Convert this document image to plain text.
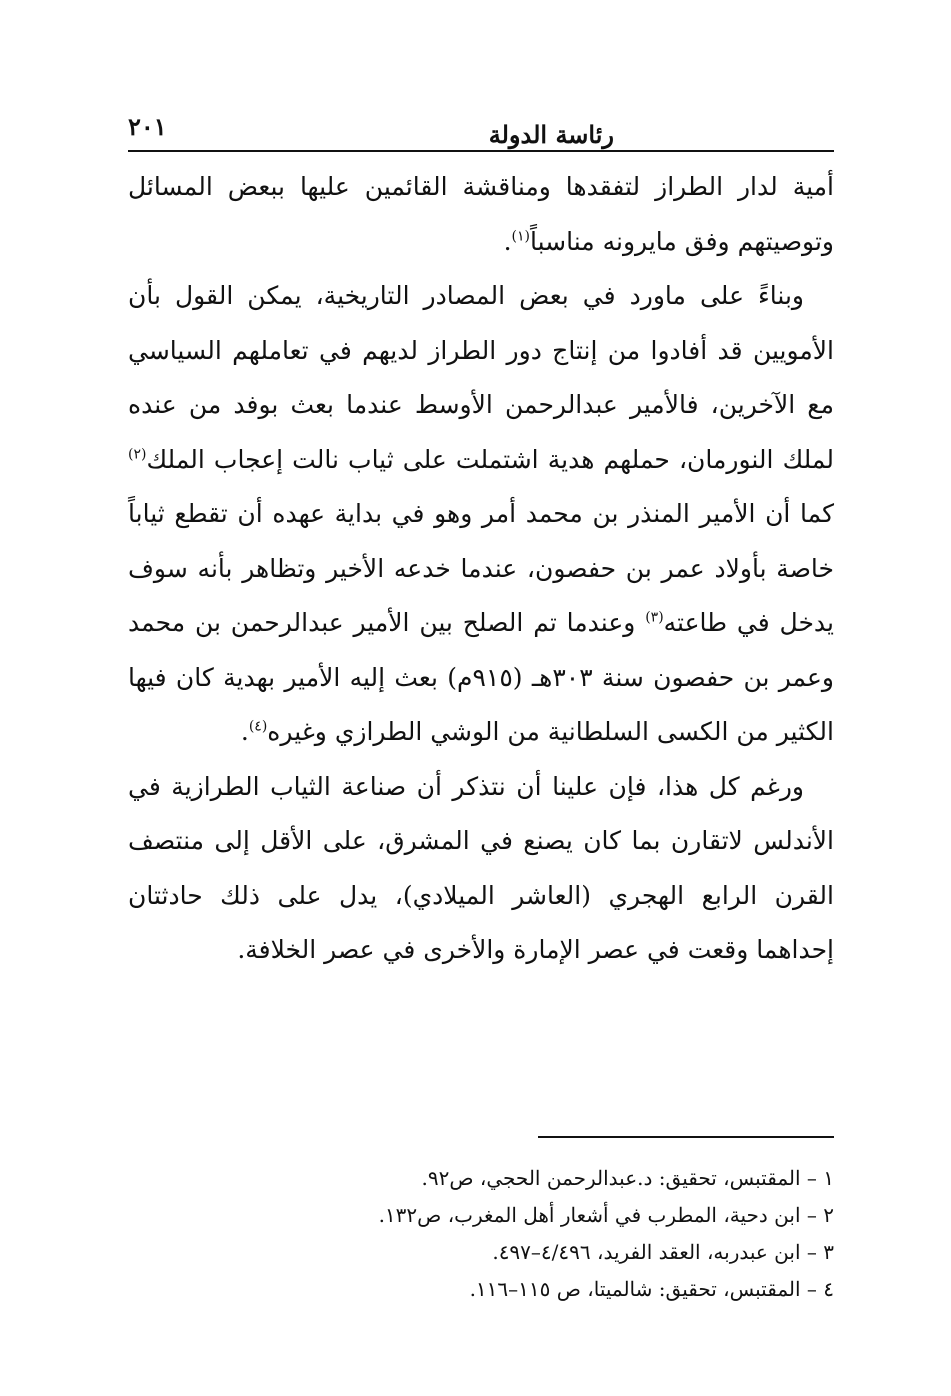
رئاسة الدولة
٢٠١

أمية لدار الطراز لتفقدها ومناقشة القائمين عليها ببعض المسائل وتوصيتهم وفق مايرونه مناسباً$^{(١)}$.

وبناءً على ماورد في بعض المصادر التاريخية، يمكن القول بأن الأمويين قد أفادوا من إنتاج دور الطراز لديهم في تعاملهم السياسي مع الآخرين، فالأمير عبدالرحمن الأوسط عندما بعث بوفد من عنده لملك النورمان، حملهم هدية اشتملت على ثياب نالت إعجاب الملك$^{(٢)}$ كما أن الأمير المنذر بن محمد أمر وهو في بداية عهده أن تقطع ثياباً خاصة بأولاد عمر بن حفصون، عندما خدعه الأخير وتظاهر بأنه سوف يدخل في طاعته$^{(٣)}$ وعندما تم الصلح بين الأمير عبدالرحمن بن محمد وعمر بن حفصون سنة ٣٠٣هـ (٩١٥م) بعث إليه الأمير بهدية كان فيها الكثير من الكسى السلطانية من الوشي الطرازي وغيره$^{(٤)}$.

ورغم كل هذا، فإن علينا أن نتذكر أن صناعة الثياب الطرازية في الأندلس لاتقارن بما كان يصنع في المشرق، على الأقل إلى منتصف القرن الرابع الهجري (العاشر الميلادي)، يدل على ذلك حادثتان إحداهما وقعت في عصر الإمارة والأخرى في عصر الخلافة.

١ – المقتبس، تحقيق: د.عبدالرحمن الحجي، ص٩٢.

٢ – ابن دحية، المطرب في أشعار أهل المغرب، ص١٣٢.

٣ – ابن عبدربه، العقد الفريد، ٤/٤٩٦–٤٩٧.

٤ – المقتبس، تحقيق: شالميتا، ص ١١٥–١١٦.
